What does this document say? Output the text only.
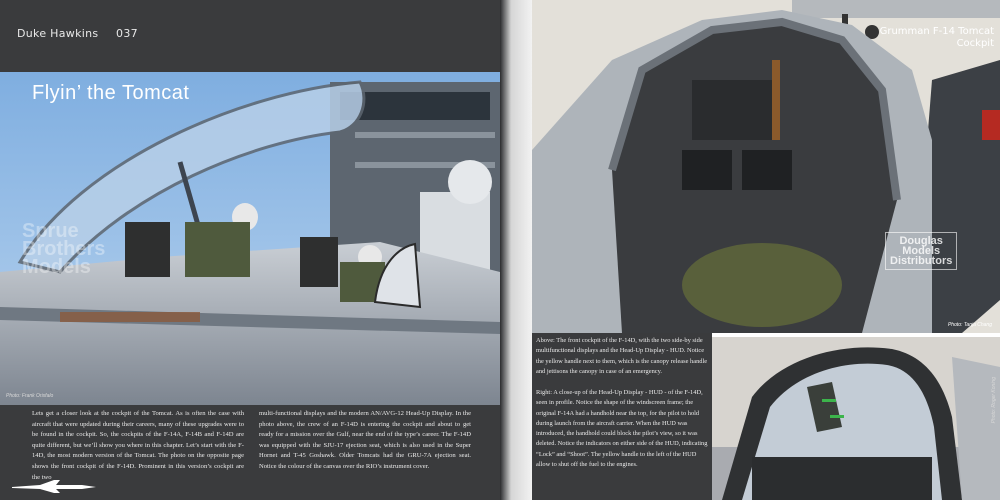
Duke Hawkins 037
Photo: Frank Orisfalo
Flyin’ the Tomcat
Sprue
Brothers
Models
Lets get a closer look at the cockpit of the Tomcat. As is often the case with aircraft that were updated during their careers, many of these upgrades were to be found in the cockpit. So, the cockpits of the F-14A, F-14B and F-14D are quite different, but we’ll show you where in this chapter. Let’s start with the F-14D, the most modern version of the Tomcat. The photo on the opposite page shows the front cockpit of the F-14D. Prominent in this version’s cockpit are the two
multi-functional displays and the modern AN/AVG-12 Head-Up Display. In the photo above, the crew of an F-14D is entering the cockpit and about to get ready for a mission over the Gulf, near the end of the type’s career. The F-14D was equipped with the SJU-17 ejection seat, which is also used in the Super Hornet and T-45 Goshawk. Older Tomcats had the GRU-7A ejection seat. Notice the colour of the canvas over the RIO’s instrument cover.
Photo: Tanja Chang
Grumman F-14 Tomcat
Cockpit
Douglas
Models
Distributors
Above: The front cockpit of the F-14D, with the two side-by side multifunctional displays and the Head-Up Display - HUD. Notice the yellow handle next to them, which is the canopy release handle and jettisons the canopy in case of an emergency.
Right: A close-up of the Head-Up Display - HUD - of the F-14D, seen in profile. Notice the shape of the windscreen frame; the original F-14A had a handhold near the top, for the pilot to hold during launch from the aircraft carrier. When the HUD was introduced, the handhold could block the pilot’s view, so it was deleted. Notice the indicators on either side of the HUD, indicating “Lock” and “Shoot”. The yellow handle to the left of the HUD allow to shut off the fuel to the engines.
Photo: Roger Koning
